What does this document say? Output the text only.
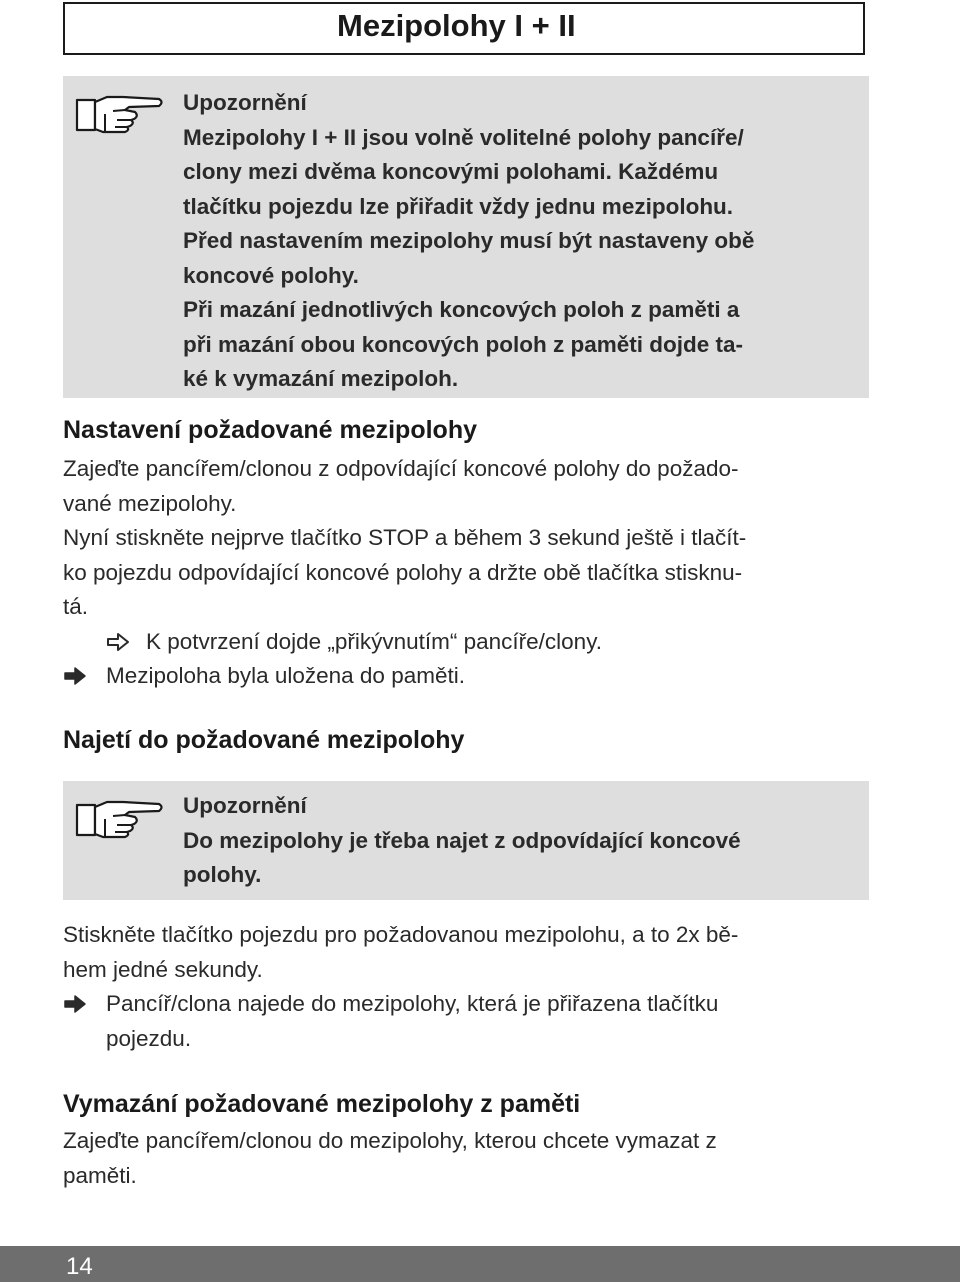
Mezipolohy I + II
Upozornění
Mezipolohy I + II jsou volně volitelné polohy pancíře/
clony mezi dvěma koncovými polohami. Každému
tlačítku pojezdu lze přiřadit vždy jednu mezipolohu.
Před nastavením mezipolohy musí být nastaveny obě
koncové polohy.
Při mazání jednotlivých koncových poloh z paměti a
při mazání obou koncových poloh z paměti dojde ta-
ké k vymazání mezipoloh.
Nastavení požadované mezipolohy
Zajeďte pancířem/clonou z odpovídající koncové polohy do požado-
vané mezipolohy.
Nyní stiskněte nejprve tlačítko STOP a během 3 sekund ještě i tlačít-
ko pojezdu odpovídající koncové polohy a držte obě tlačítka stisknu-
tá.
K potvrzení dojde „přikývnutím“ pancíře/clony.
Mezipoloha byla uložena do paměti.
Najetí do požadované mezipolohy
Upozornění
Do mezipolohy je třeba najet z odpovídající koncové
polohy.
Stiskněte tlačítko pojezdu pro požadovanou mezipolohu, a to 2x bě-
hem jedné sekundy.
Pancíř/clona najede do mezipolohy, která je přiřazena tlačítku
pojezdu.
Vymazání požadované mezipolohy z paměti
Zajeďte pancířem/clonou do mezipolohy, kterou chcete vymazat z
paměti.
14
